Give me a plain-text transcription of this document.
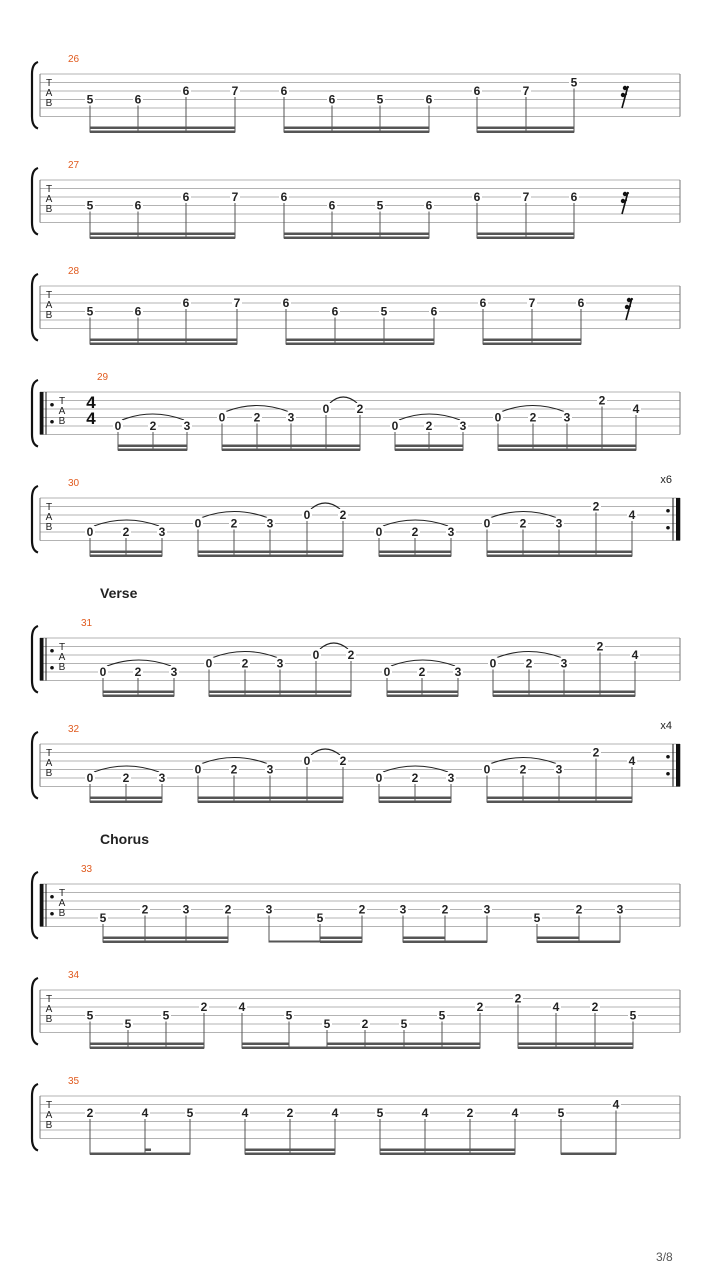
T
A
B
26
5	6
6	7	6
6	5	6
6	7
5
T
A
B
27
5	6
6	7	6
6	5	6
6	7	6
T
A
B
28
5	6
6	7	6
6	5	6
6	7	6
T
A
B
4
4
29
0 2 3
0 2 3
0 2
0 2 3
0 2 3
2
4
T
A
B
30	x6
0 2 3
0 2 3
0 2
0 2 3
0 2 3
2
4
T
A
B
31
Verse
0 2 3
0 2 3
0 2
0 2 3
0 2 3
2
4
T
A
B
32	x4
0 2 3
0 2 3
0 2
0 2 3
0 2 3
2
4
T
A
B
33
Chorus
5
2	3	2	3
5
2	3	2	3
5
2	3
T
A
B
34
5
5
5
2	4
5
5	2	5
5
2
2
4	2
5
T
A
B
35
2	4	5	4	2	4	5	4	2	4	5
4
3/8
